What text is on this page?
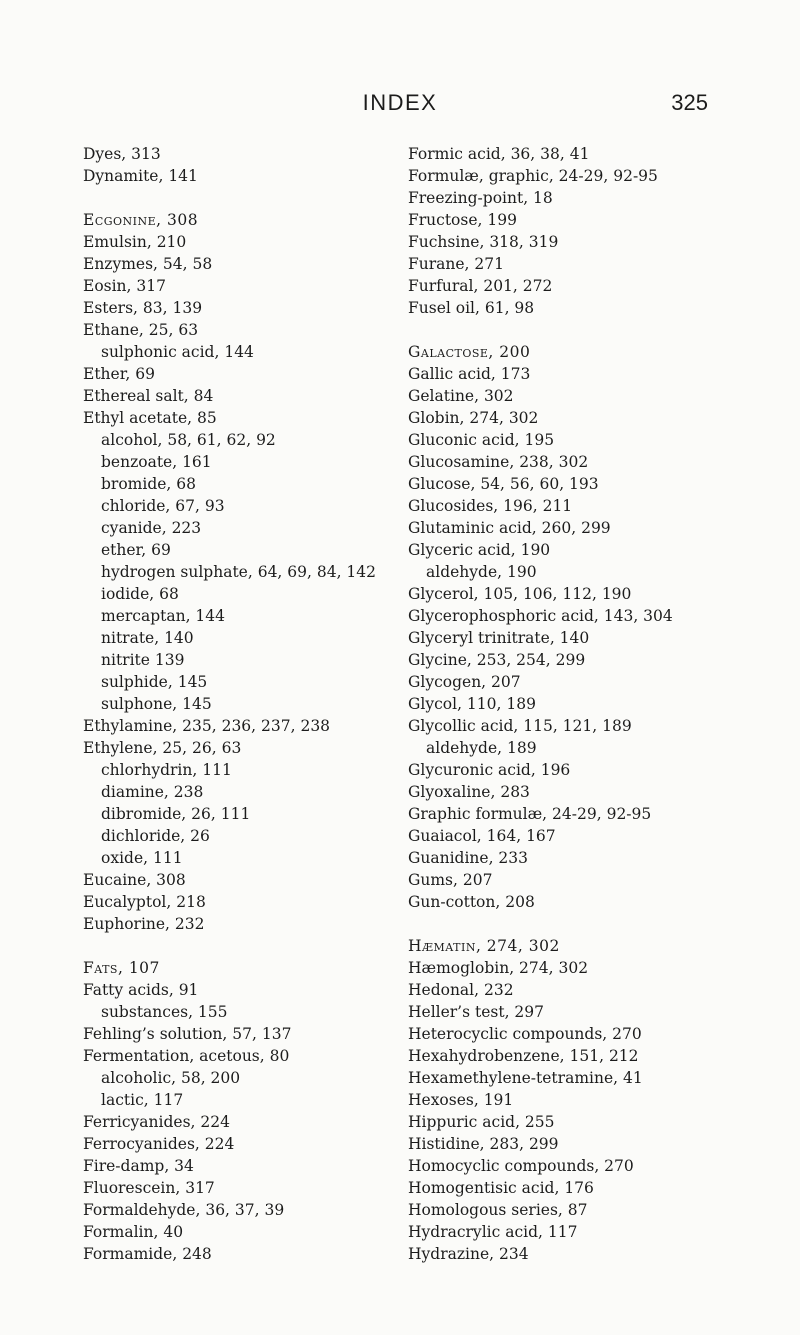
INDEX	325
Dyes, 313
Dynamite, 141
Ecgonine, 308
Emulsin, 210
Enzymes, 54, 58
Eosin, 317
Esters, 83, 139
Ethane, 25, 63
sulphonic acid, 144
Ether, 69
Ethereal salt, 84
Ethyl acetate, 85
alcohol, 58, 61, 62, 92
benzoate, 161
bromide, 68
chloride, 67, 93
cyanide, 223
ether, 69
hydrogen sulphate, 64, 69, 84, 142
iodide, 68
mercaptan, 144
nitrate, 140
nitrite 139
sulphide, 145
sulphone, 145
Ethylamine, 235, 236, 237, 238
Ethylene, 25, 26, 63
chlorhydrin, 111
diamine, 238
dibromide, 26, 111
dichloride, 26
oxide, 111
Eucaine, 308
Eucalyptol, 218
Euphorine, 232
Fats, 107
Fatty acids, 91
substances, 155
Fehling’s solution, 57, 137
Fermentation, acetous, 80
alcoholic, 58, 200
lactic, 117
Ferricyanides, 224
Ferrocyanides, 224
Fire-damp, 34
Fluorescein, 317
Formaldehyde, 36, 37, 39
Formalin, 40
Formamide, 248
Formic acid, 36, 38, 41
Formulæ, graphic, 24-29, 92-95
Freezing-point, 18
Fructose, 199
Fuchsine, 318, 319
Furane, 271
Furfural, 201, 272
Fusel oil, 61, 98
Galactose, 200
Gallic acid, 173
Gelatine, 302
Globin, 274, 302
Gluconic acid, 195
Glucosamine, 238, 302
Glucose, 54, 56, 60, 193
Glucosides, 196, 211
Glutaminic acid, 260, 299
Glyceric acid, 190
aldehyde, 190
Glycerol, 105, 106, 112, 190
Glycerophosphoric acid, 143, 304
Glyceryl trinitrate, 140
Glycine, 253, 254, 299
Glycogen, 207
Glycol, 110, 189
Glycollic acid, 115, 121, 189
aldehyde, 189
Glycuronic acid, 196
Glyoxaline, 283
Graphic formulæ, 24-29, 92-95
Guaiacol, 164, 167
Guanidine, 233
Gums, 207
Gun-cotton, 208
Hæmatin, 274, 302
Hæmoglobin, 274, 302
Hedonal, 232
Heller’s test, 297
Heterocyclic compounds, 270
Hexahydrobenzene, 151, 212
Hexamethylene-tetramine, 41
Hexoses, 191
Hippuric acid, 255
Histidine, 283, 299
Homocyclic compounds, 270
Homogentisic acid, 176
Homologous series, 87
Hydracrylic acid, 117
Hydrazine, 234
